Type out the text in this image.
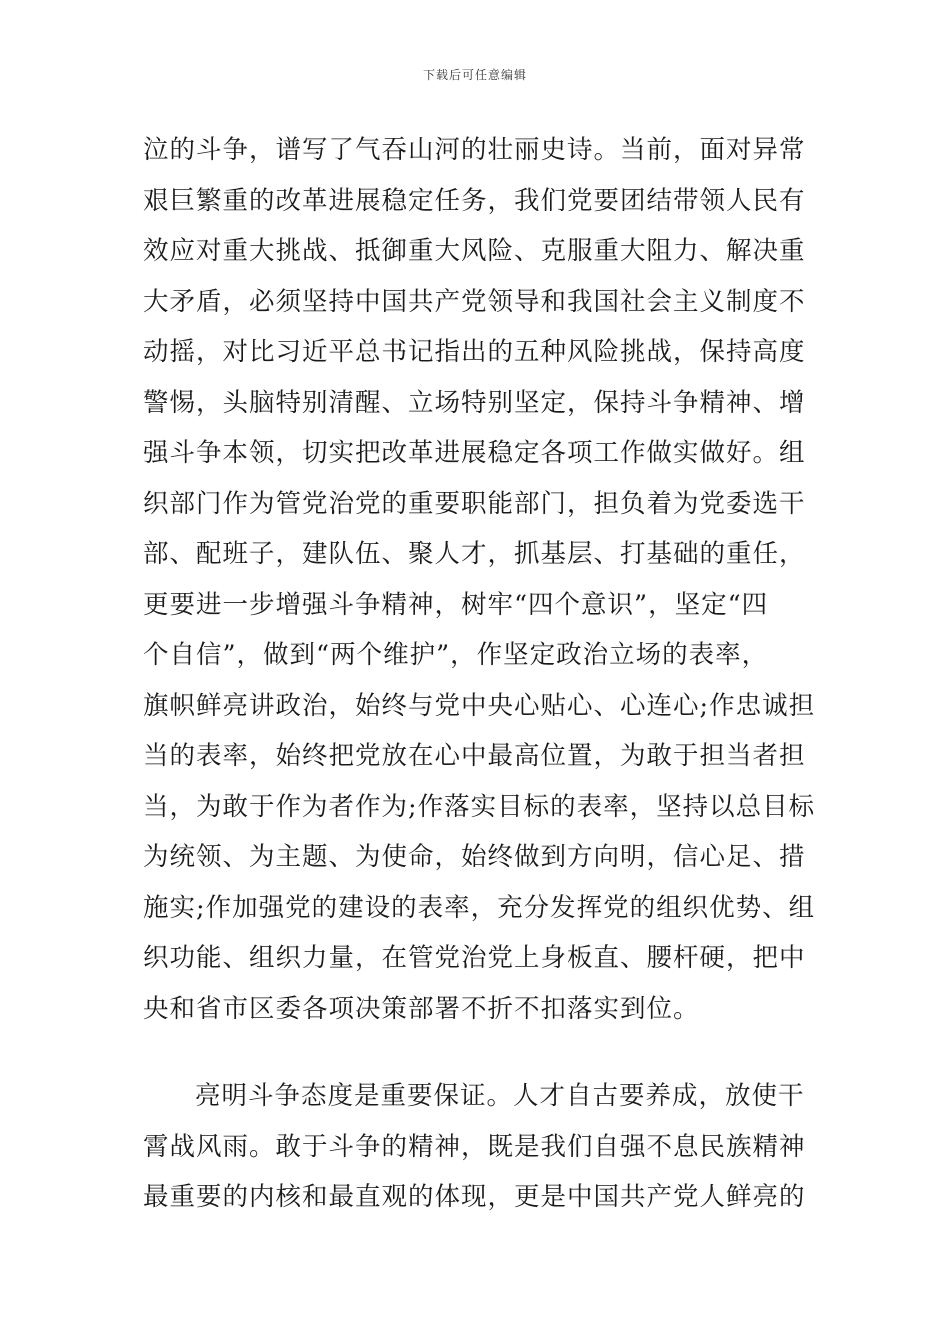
下载后可任意编辑
泣的斗争，谱写了气吞山河的壮丽史诗。当前，面对异常
艰巨繁重的改革进展稳定任务，我们党要团结带领人民有
效应对重大挑战、抵御重大风险、克服重大阻力、解决重
大矛盾，必须坚持中国共产党领导和我国社会主义制度不
动摇，对比习近平总书记指出的五种风险挑战，保持高度
警惕，头脑特别清醒、立场特别坚定，保持斗争精神、增
强斗争本领，切实把改革进展稳定各项工作做实做好。组
织部门作为管党治党的重要职能部门，担负着为党委选干
部、配班子，建队伍、聚人才，抓基层、打基础的重任，
更要进一步增强斗争精神，树牢“四个意识”，坚定“四
个自信”，做到“两个维护”，作坚定政治立场的表率，
旗帜鲜亮讲政治，始终与党中央心贴心、心连心;作忠诚担
当的表率，始终把党放在心中最高位置，为敢于担当者担
当，为敢于作为者作为;作落实目标的表率，坚持以总目标
为统领、为主题、为使命，始终做到方向明，信心足、措
施实;作加强党的建设的表率，充分发挥党的组织优势、组
织功能、组织力量，在管党治党上身板直、腰杆硬，把中
央和省市区委各项决策部署不折不扣落实到位。
亮明斗争态度是重要保证。人才自古要养成，放使干
霄战风雨。敢于斗争的精神，既是我们自强不息民族精神
最重要的内核和最直观的体现，更是中国共产党人鲜亮的
